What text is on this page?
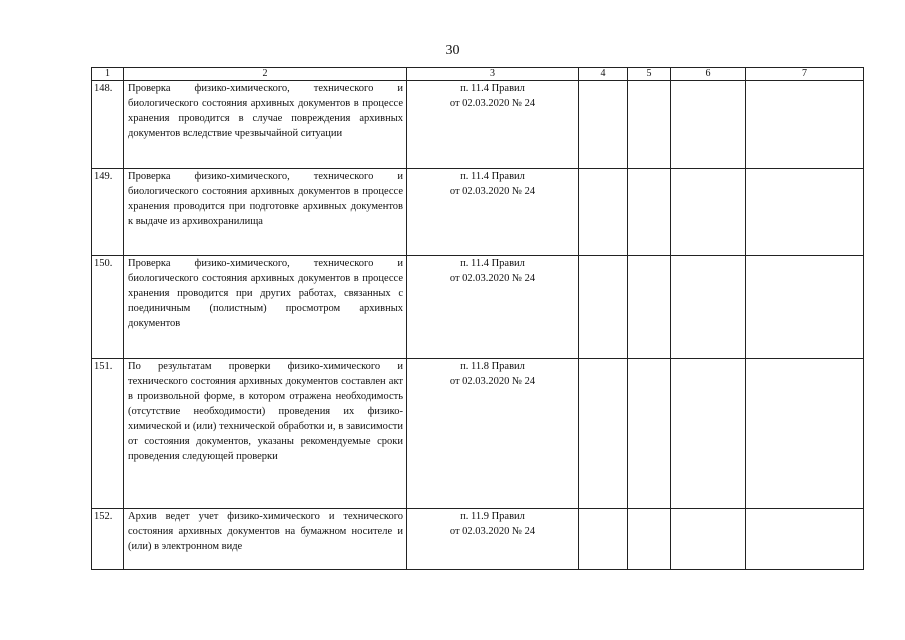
30
1	2	3	4	5	6	7
148.	Проверка физико-химического, технического и биологического состояния архивных документов в процессе хранения проводится в случае повреждения архивных документов вследствие чрезвычайной ситуации	п. 11.4 Правил
от 02.03.2020 № 24				

149.	Проверка физико-химического, технического и биологического состояния архивных документов в процессе хранения проводится при подготовке архивных документов к выдаче из архивохранилища	п. 11.4 Правил
от 02.03.2020 № 24				

150.	Проверка физико-химического, технического и биологического состояния архивных документов в процессе хранения проводится при других работах, связанных с поединичным (полистным) просмотром архивных документов	п. 11.4 Правил
от 02.03.2020 № 24				

151.	По результатам проверки физико-химического и технического состояния архивных документов составлен акт в произвольной форме, в котором отражена необходимость (отсутствие необходимости) проведения их физико-химической и (или) технической обработки и, в зависимости от состояния документов, указаны рекомендуемые сроки проведения следующей проверки	п. 11.8 Правил
от 02.03.2020 № 24				

152.	Архив ведет учет физико-химического и технического состояния архивных документов на бумажном носителе и (или) в электронном виде	п. 11.9 Правил
от 02.03.2020 № 24				
